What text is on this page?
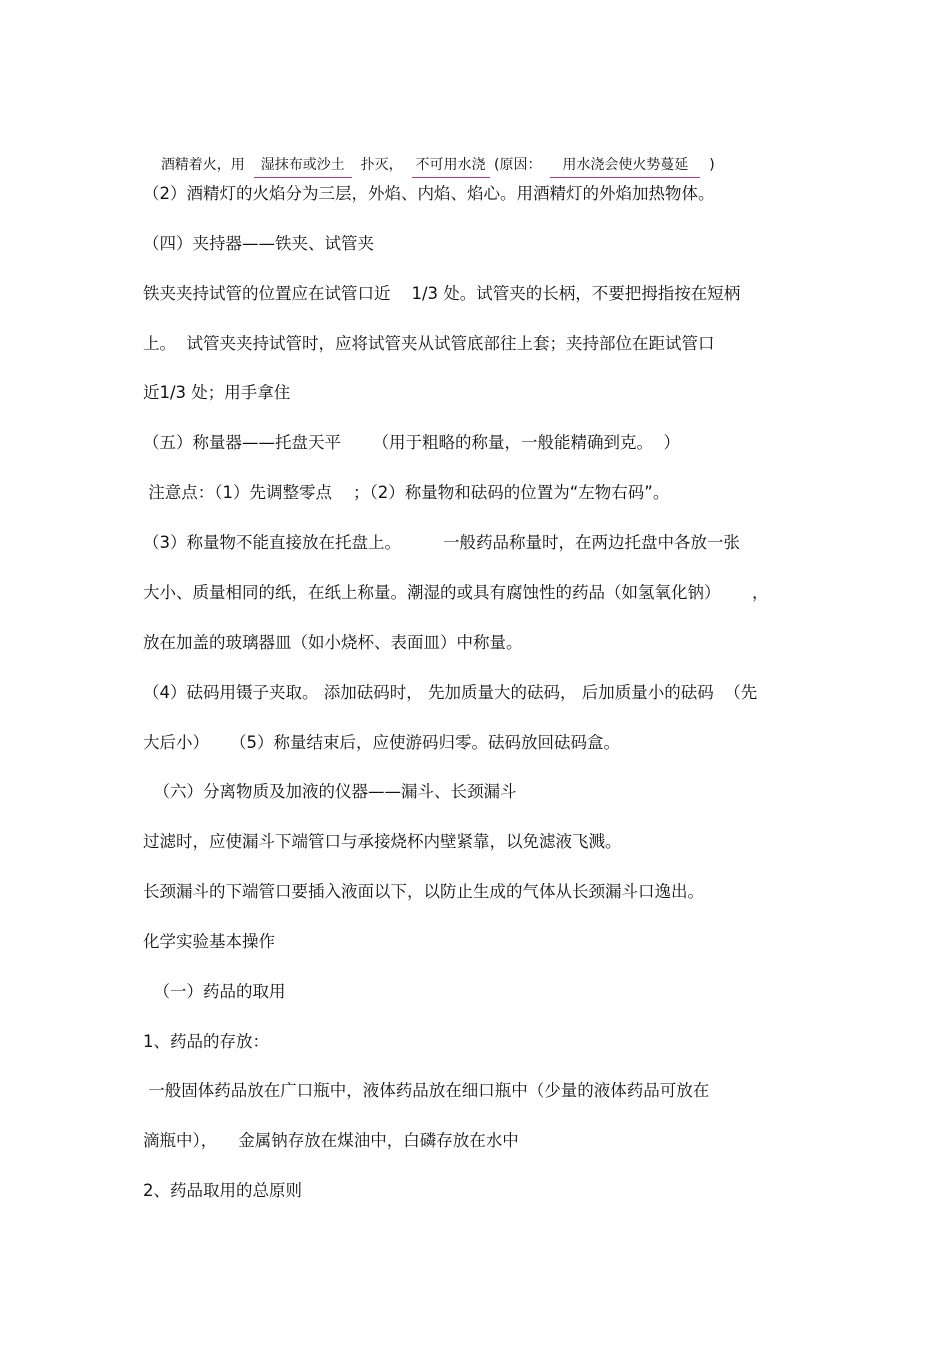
酒精着火，用  湿抹布或沙土  扑灭，  不可用水浇 (原因：  用水浇会使火势蔓延  )

（2）酒精灯的火焰分为三层，外焰、内焰、焰心。用酒精灯的外焰加热物体。
（四）夹持器——铁夹、试管夹
铁夹夹持试管的位置应在试管口近    1/3 处。试管夹的长柄，不要把拇指按在短柄
上。  试管夹夹持试管时，应将试管夹从试管底部往上套；夹持部位在距试管口
近1/3 处；用手拿住
（五）称量器——托盘天平      （用于粗略的称量，一般能精确到克。  ）
注意点：（1）先调整零点    ；（2）称量物和砝码的位置为“左物右码”。
（3）称量物不能直接放在托盘上。        一般药品称量时，在两边托盘中各放一张
大小、质量相同的纸，在纸上称量。潮湿的或具有腐蚀性的药品（如氢氧化钠）      ，
放在加盖的玻璃器皿（如小烧杯、表面皿）中称量。
（4）砝码用镊子夹取。 添加砝码时， 先加质量大的砝码， 后加质量小的砝码  （先
大后小）    （5）称量结束后，应使游码归零。砝码放回砝码盒。
（六）分离物质及加液的仪器——漏斗、长颈漏斗
过滤时，应使漏斗下端管口与承接烧杯内壁紧靠，以免滤液飞溅。
长颈漏斗的下端管口要插入液面以下，以防止生成的气体从长颈漏斗口逸出。
化学实验基本操作
（一）药品的取用
1、药品的存放：
一般固体药品放在广口瓶中，液体药品放在细口瓶中（少量的液体药品可放在
滴瓶中），    金属钠存放在煤油中，白磷存放在水中
2、药品取用的总原则
